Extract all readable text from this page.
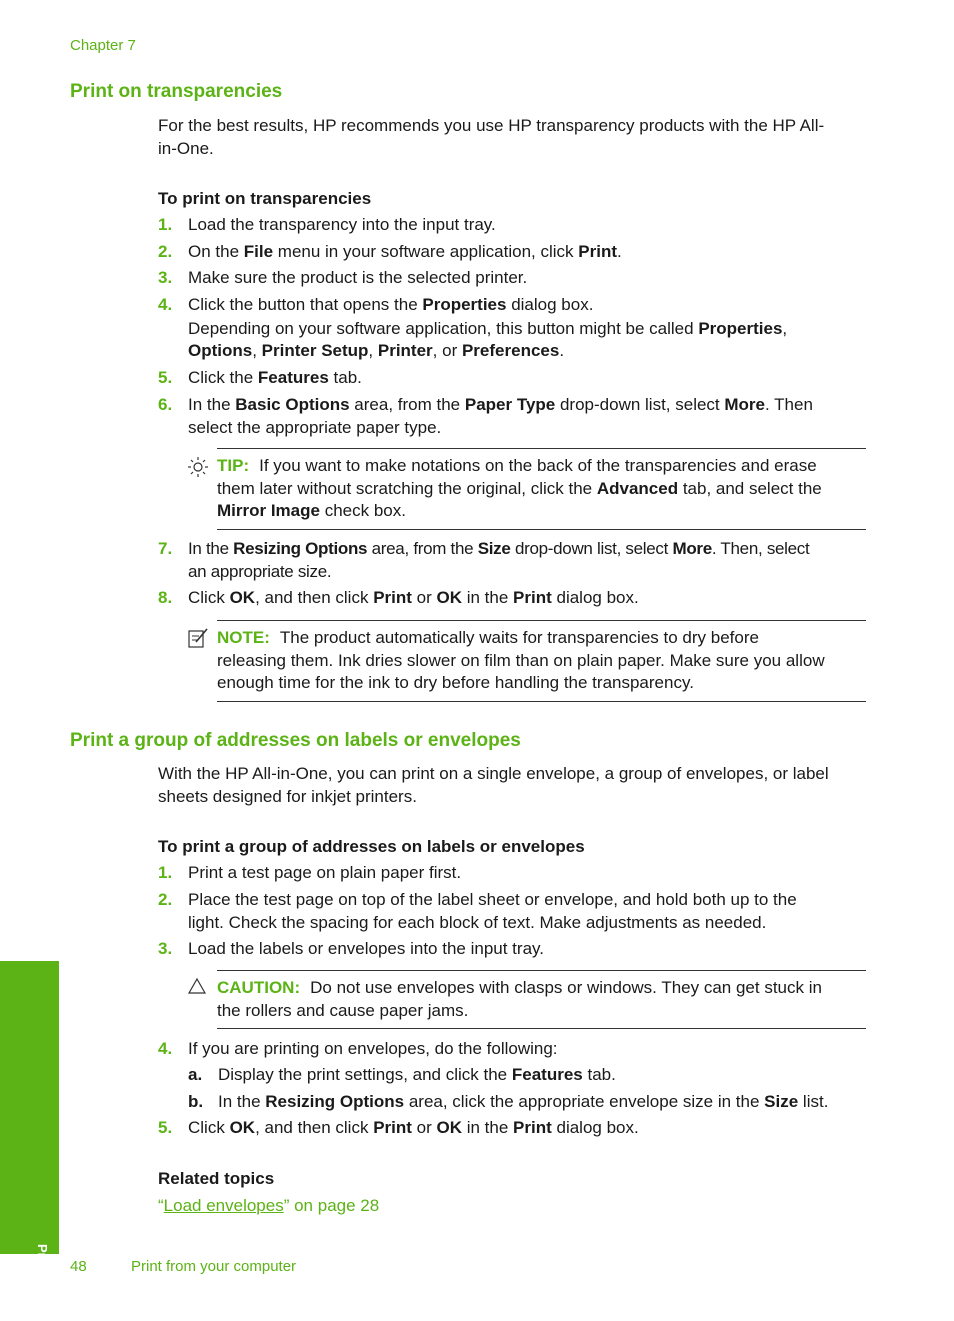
Chapter 7
Print on transparencies

For the best results, HP recommends you use HP transparency products with the HP All-
in-One.

To print on transparencies
1. Load the transparency into the input tray.
2. On the File menu in your software application, click Print.
3. Make sure the product is the selected printer.
4. Click the button that opens the Properties dialog box.
Depending on your software application, this button might be called Properties,
Options, Printer Setup, Printer, or Preferences.
5. Click the Features tab.
6. In the Basic Options area, from the Paper Type drop-down list, select More. Then
select the appropriate paper type.
TIP: If you want to make notations on the back of the transparencies and erase
them later without scratching the original, click the Advanced tab, and select the
Mirror Image check box.
7. In the Resizing Options area, from the Size drop-down list, select More. Then, select
an appropriate size.
8. Click OK, and then click Print or OK in the Print dialog box.
NOTE: The product automatically waits for transparencies to dry before
releasing them. Ink dries slower on film than on plain paper. Make sure you allow
enough time for the ink to dry before handling the transparency.
Print a group of addresses on labels or envelopes

With the HP All-in-One, you can print on a single envelope, a group of envelopes, or label
sheets designed for inkjet printers.

To print a group of addresses on labels or envelopes
1. Print a test page on plain paper first.
2. Place the test page on top of the label sheet or envelope, and hold both up to the
light. Check the spacing for each block of text. Make adjustments as needed.
3. Load the labels or envelopes into the input tray.
CAUTION: Do not use envelopes with clasps or windows. They can get stuck in
the rollers and cause paper jams.
4. If you are printing on envelopes, do the following:
a. Display the print settings, and click the Features tab.
b. In the Resizing Options area, click the appropriate envelope size in the Size list.
5. Click OK, and then click Print or OK in the Print dialog box.
Related topics
“Load envelopes” on page 28
Print 48	Print from your computer
